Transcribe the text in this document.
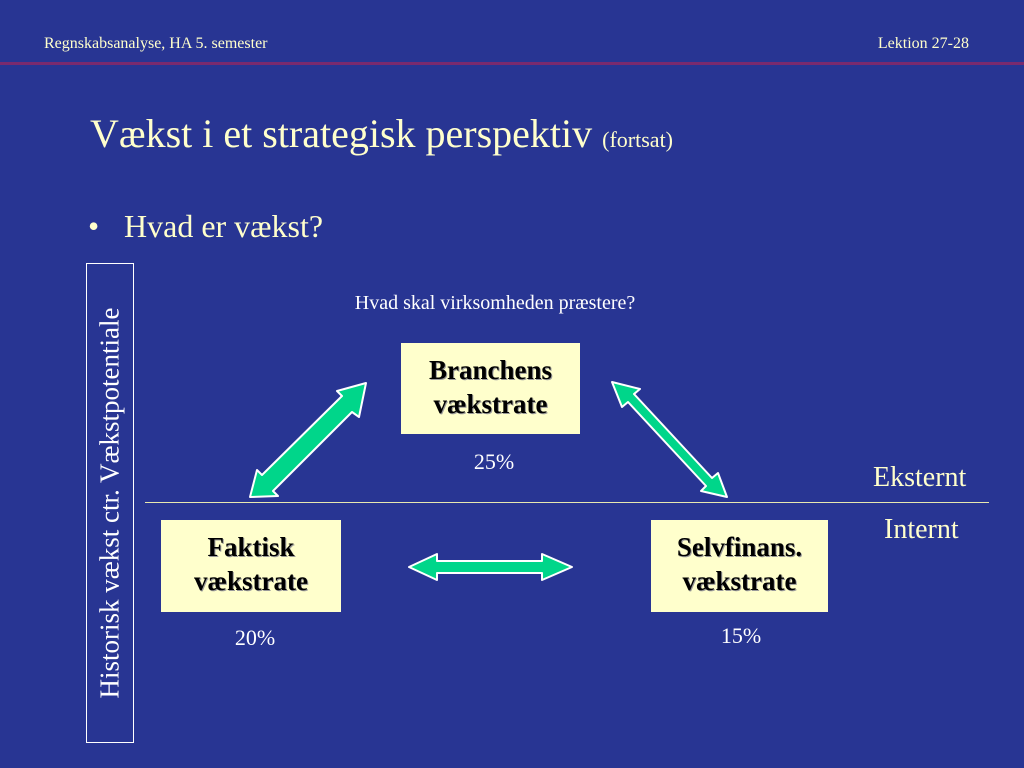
Regnskabsanalyse, HA 5. semester	Lektion 27-28
Vækst i et strategisk perspektiv (fortsat)
• Hvad er vækst?
Historisk vækst ctr. Vækstpotentiale
Hvad skal virksomheden præstere?
Eksternt
Internt
Branchens
vækstrate
25%
Faktisk
vækstrate
20%
Selvfinans.
vækstrate
15%
